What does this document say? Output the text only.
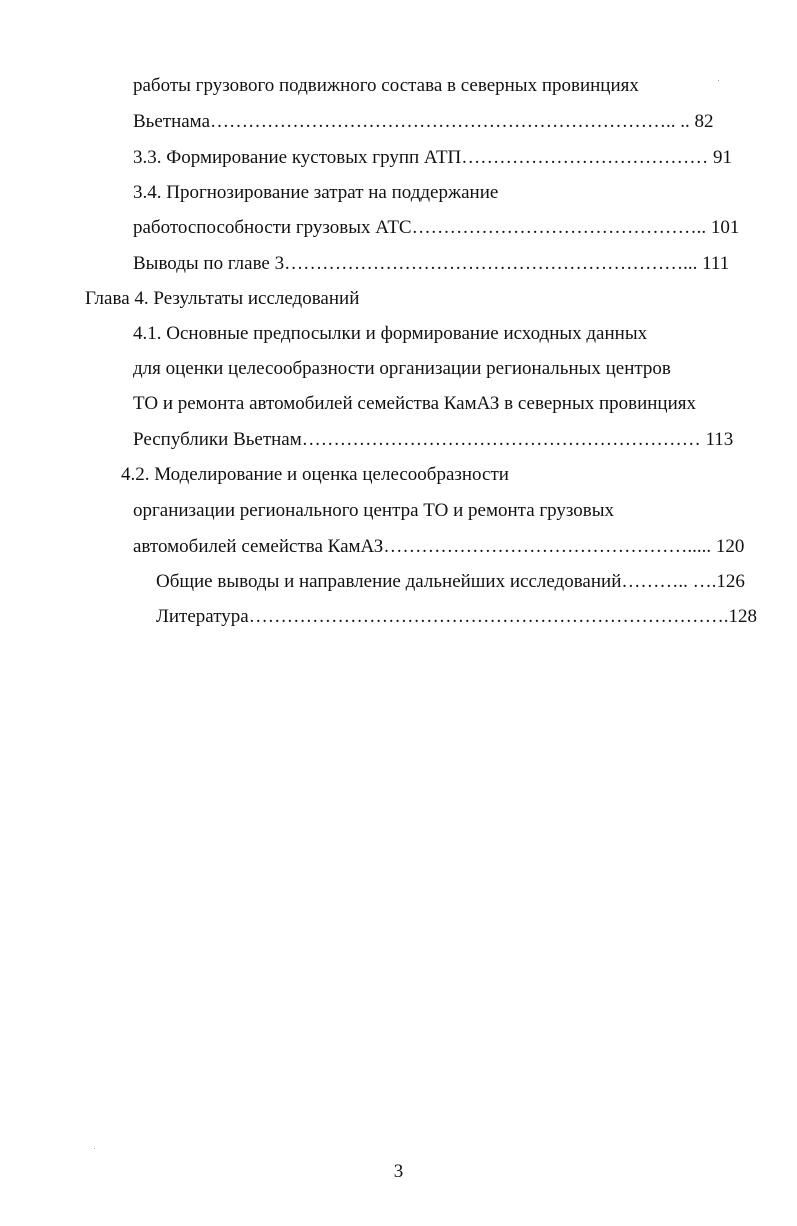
работы грузового подвижного состава в северных провинциях
Вьетнама……………………………………………………………….. .. 82
3.3. Формирование кустовых групп АТП………………………………… 91
3.4. Прогнозирование затрат на поддержание
работоспособности грузовых АТС……………………………………….. 101
Выводы по главе 3………………………………………………………... 111
Глава 4. Результаты исследований
4.1. Основные предпосылки и формирование исходных данных
для оценки целесообразности организации региональных центров
ТО и ремонта автомобилей семейства КамАЗ в северных провинциях
Республики Вьетнам……………………………………………………… 113
4.2. Моделирование и оценка целесообразности
организации регионального центра ТО и ремонта грузовых
автомобилей семейства КамАЗ…………………………………………..... 120
Общие выводы и направление дальнейших исследований……….. ….126
Литература………………………………………………………………….128
3
